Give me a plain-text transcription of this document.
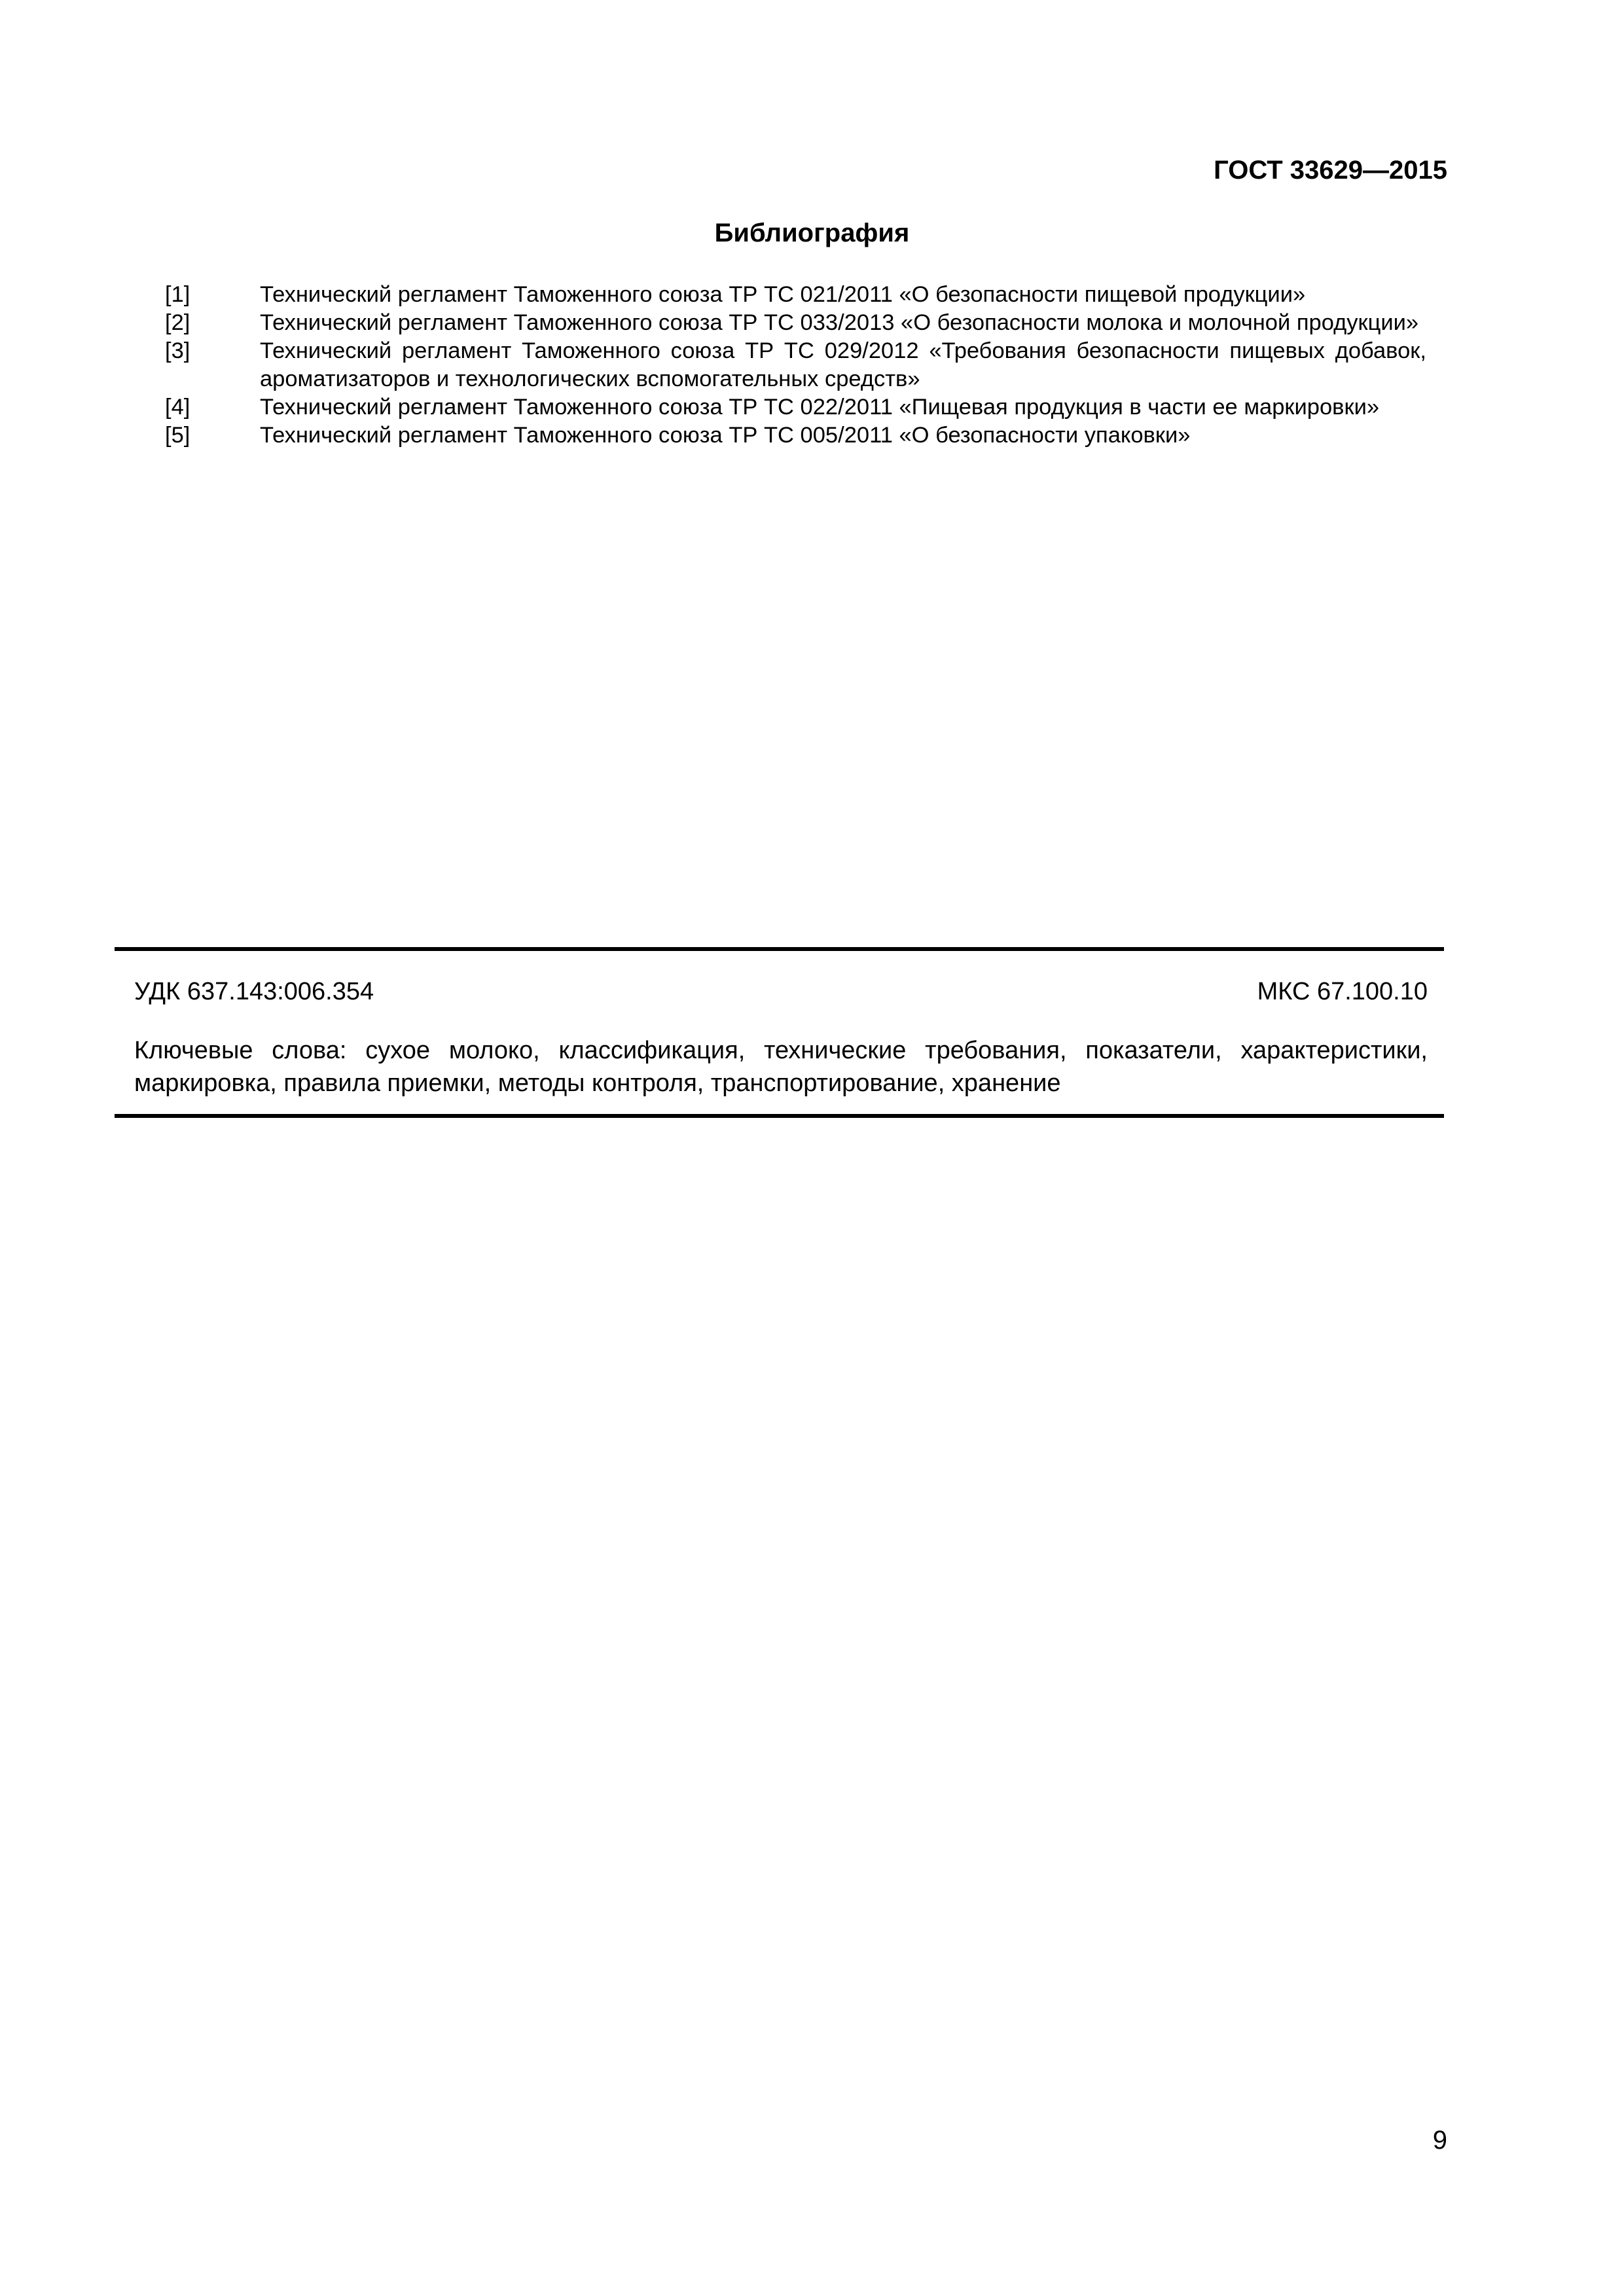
ГОСТ 33629—2015
Библиография
[1]	Технический регламент Таможенного союза ТР ТС 021/2011 «О безопасности пищевой продукции»
[2]	Технический регламент Таможенного союза ТР ТС 033/2013 «О безопасности молока и молочной продукции»
[3]	Технический регламент Таможенного союза ТР ТС 029/2012 «Требования безопасности пищевых добавок, ароматизаторов и технологических вспомогательных средств»
[4]	Технический регламент Таможенного союза ТР ТС 022/2011 «Пищевая продукция в части ее маркировки»
[5]	Технический регламент Таможенного союза ТР ТС 005/2011 «О безопасности упаковки»
УДК 637.143:006.354	МКС 67.100.10
Ключевые слова: сухое молоко, классификация, технические требования, показатели, характеристики, маркировка, правила приемки, методы контроля, транспортирование, хранение
9
